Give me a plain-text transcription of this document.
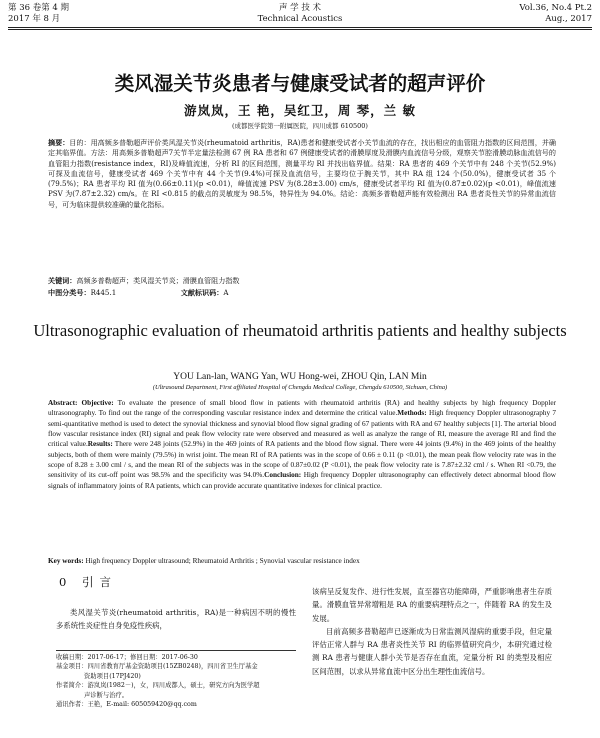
第 36 卷第 4 期	声 学 技 术	Vol.36, No.4 Pt.2
2017 年 8 月	Technical Acoustics	Aug., 2017
类风湿关节炎患者与健康受试者的超声评价
游岚岚，王 艳，吴红卫，周 琴，兰 敏
(成都医学院第一附属医院，四川成都 610500)
摘要：目的：用高频多普勒超声评价类风湿关节炎(rheumatoid arthritis，RA)患者和健康受试者小关节血流的存在，找出相应的血管阻力指数的区间范围，并确定其临界值。方法：用高频多普勒超声7关节半定量法检测 67 例 RA 患者和 67 例健康受试者的滑膜厚度及滑膜内血流信号分级，观察关节腔滑膜动脉血流信号的血管阻力指数(resistance index，RI)及峰值流速，分析 RI 的区间范围，测量平均 RI 并找出临界值。结果：RA 患者的 469 个关节中有 248 个关节(52.9%)可探及血流信号，健康受试者 469 个关节中有 44 个关节(9.4%)可探及血流信号，主要均位于腕关节，其中 RA 组 124 个(50.0%)，健康受试者 35 个(79.5%)；RA 患者平均 RI 值为(0.66±0.11)(p <0.01)，峰值流速 PSV 为(8.28±3.00) cm/s，健康受试者平均 RI 值为(0.87±0.02)(p <0.01)，峰值流速 PSV 为(7.87±2.32) cm/s。在 RI <0.815 的截点的灵敏度为 98.5%，特异性为 94.0%。结论：高频多普勒超声能有效检测出 RA 患者炎性关节的异常血流信号，可为临床提供较准确的量化指标。
关键词：高频多普勒超声；类风湿关节炎；滑膜血管阻力指数
中图分类号：R445.1	文献标识码：A
Ultrasonographic evaluation of rheumatoid arthritis patients and healthy subjects
YOU Lan-lan, WANG Yan, WU Hong-wei, ZHOU Qin, LAN Min
(Ultrasound Department, First affiliated Hospital of Chengdu Medical College, Chengdu 610500, Sichuan, China)
Abstract: Objective: To evaluate the presence of small blood flow in patients with rheumatoid arthritis (RA) and healthy subjects by high frequency Doppler ultrasonography. To find out the range of the corresponding vascular resistance index and determine the critical value.Methods: High frequency Doppler ultrasonography 7 semi-quantitative method is used to detect the synovial thickness and synovial blood flow signal grading of 67 patients with RA and 67 healthy subjects [1]. The arterial blood flow vascular resistance index (RI) signal and peak flow velocity rate were observed and measured as well as analyze the range of RI, measure the average RI and find the critical value.Results: There were 248 joints (52.9%) in the 469 joints of RA patients and the blood flow signal. There were 44 joints (9.4%) in the 469 joints of the healthy subjects, both of them were mainly (79.5%) in wrist joint. The mean RI of RA patients was in the scope of 0.66 ± 0.11 (p <0.01), the mean peak flow velocity rate was in the scope of 8.28 ± 3.00 cml / s, and the mean RI of the subjects was in the scope of 0.87±0.02 (P <0.01), the peak flow velocity rate is 7.87±2.32 cml / s. When RI <0.79, the sensitivity of its cut-off point was 98.5% and the specificity was 94.0%.Conclusion: High frequency Doppler ultrasonography can effectively detect abnormal blood flow signals of inflammatory joints of RA patients, which can provide accurate quantitative indexes for clinical practice.
Key words: High frequency Doppler ultrasound; Rheumatoid Arthritis ; Synovial vascular resistance index
0 引言

类风湿关节炎(rheumatoid arthritis，RA)是一种病因不明的慢性多系统性炎症性自身免疫性疾病，

收稿日期：2017-06-17；修回日期：2017-06-30
基金项目：四川省教育厅基金资助项目(15ZB0248)，四川省卫生厅基金
资助项目(17PJ420)
作者简介：游岚岚(1982－)，女，四川成都人，硕士，研究方向为医学超
声诊断与治疗。
通讯作者：王艳，E-mail: 605059420@qq.com

该病呈反复发作、进行性发展，直至器官功能障碍，严重影响患者生存质量。滑膜血管异常增粗是 RA 的重要病理特点之一，伴随着 RA 的发生及发展。

目前高频多普勒超声已逐渐成为日常监测风湿病的重要手段，但定量评估正常人群与 RA 患者炎性关节 RI 的临界值研究尚少，本研究通过检测 RA 患者与健康人群小关节是否存在血流，定量分析 RI 的类型及相应区间范围，以求从异常血流中区分出生理性血流信号。
